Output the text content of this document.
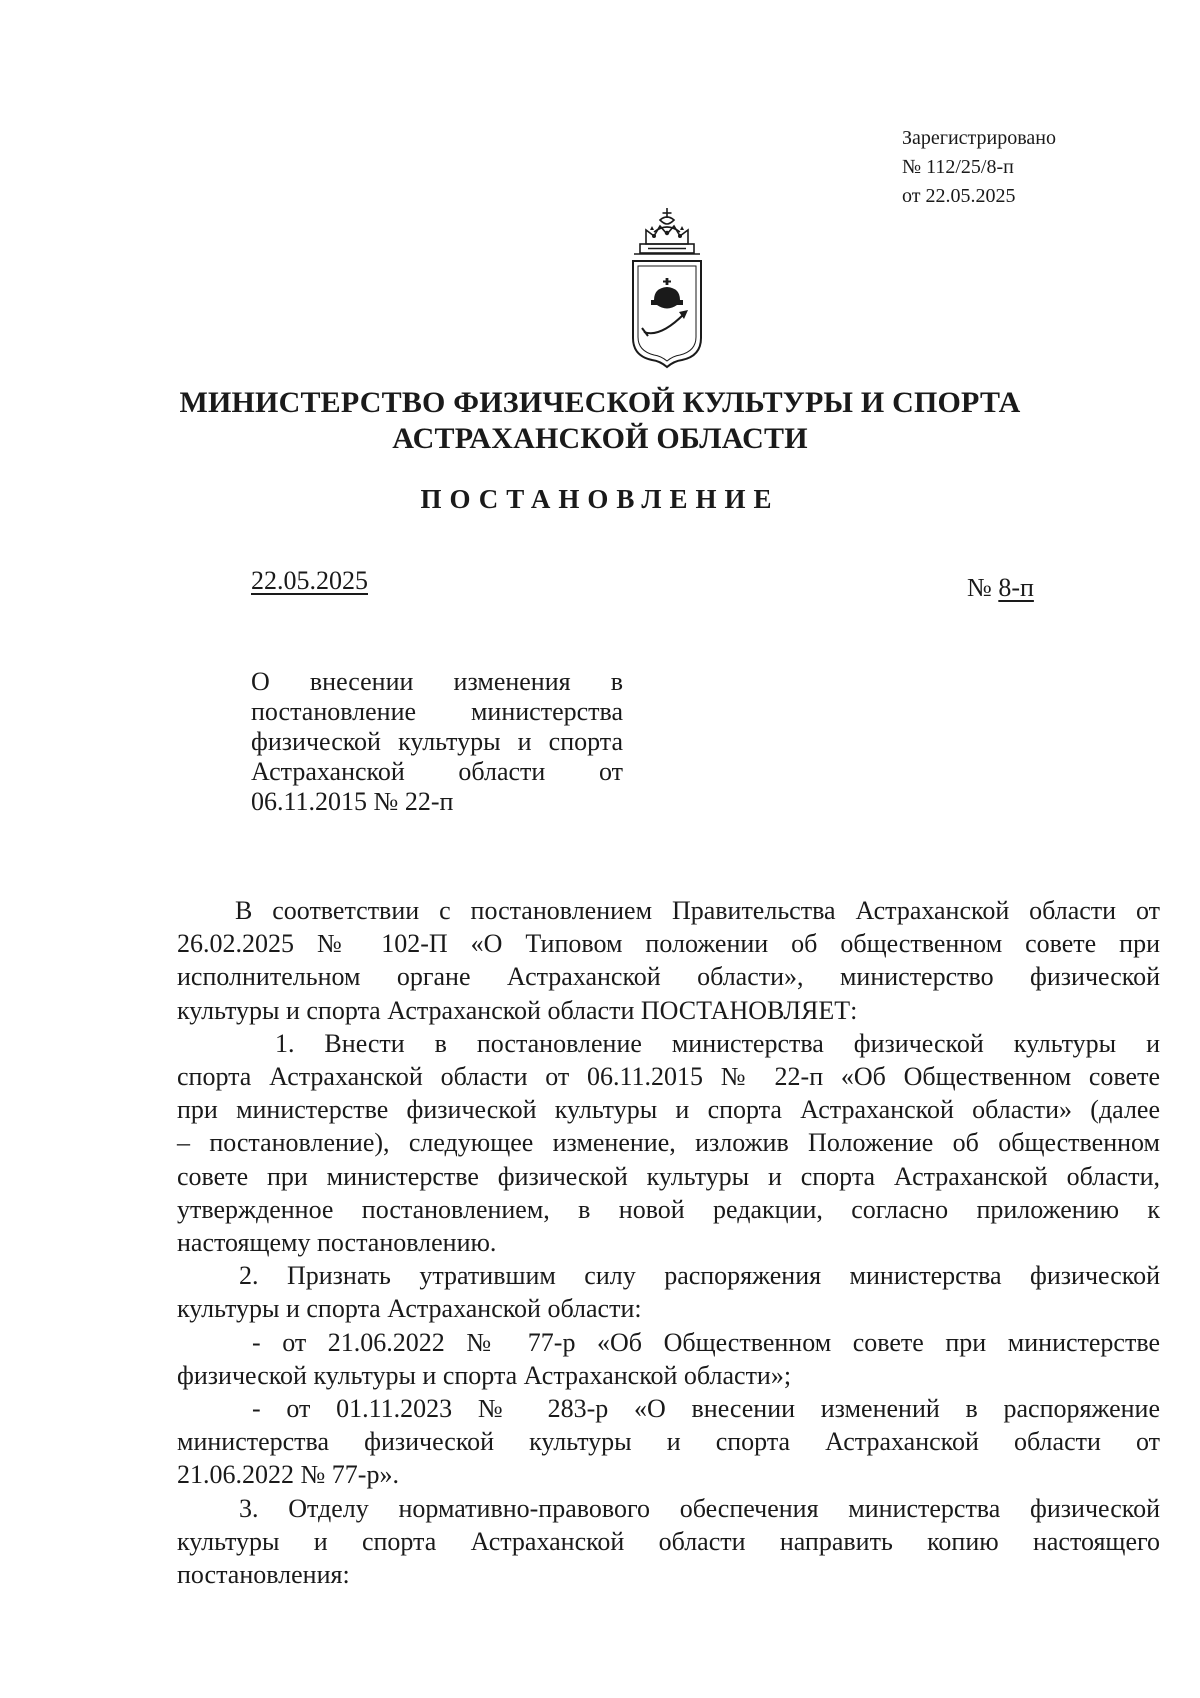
Зарегистрировано
№ 112/25/8-п
от 22.05.2025
МИНИСТЕРСТВО ФИЗИЧЕСКОЙ КУЛЬТУРЫ И СПОРТА
АСТРАХАНСКОЙ ОБЛАСТИ
ПОСТАНОВЛЕНИЕ
22.05.2025	№ 8-п
О внесении изменения в
постановление министерства
физической культуры и спорта
Астраханской области от
06.11.2015 № 22-п
В соответствии с постановлением Правительства Астраханской области от
26.02.2025 № 102-П «О Типовом положении об общественном совете при
исполнительном органе Астраханской области», министерство физической
культуры и спорта Астраханской области ПОСТАНОВЛЯЕТ:
1. Внести в постановление министерства физической культуры и
спорта Астраханской области от 06.11.2015 № 22-п «Об Общественном совете
при министерстве физической культуры и спорта Астраханской области» (далее
– постановление), следующее изменение, изложив Положение об общественном
совете при министерстве физической культуры и спорта Астраханской области,
утвержденное постановлением, в новой редакции, согласно приложению к
настоящему постановлению.
2. Признать утратившим силу распоряжения министерства физической
культуры и спорта Астраханской области:
- от 21.06.2022 № 77-р «Об Общественном совете при министерстве
физической культуры и спорта Астраханской области»;
- от 01.11.2023 № 283-р «О внесении изменений в распоряжение
министерства физической культуры и спорта Астраханской области от
21.06.2022 № 77-р».
3. Отделу нормативно-правового обеспечения министерства физической
культуры и спорта Астраханской области направить копию настоящего
постановления:
